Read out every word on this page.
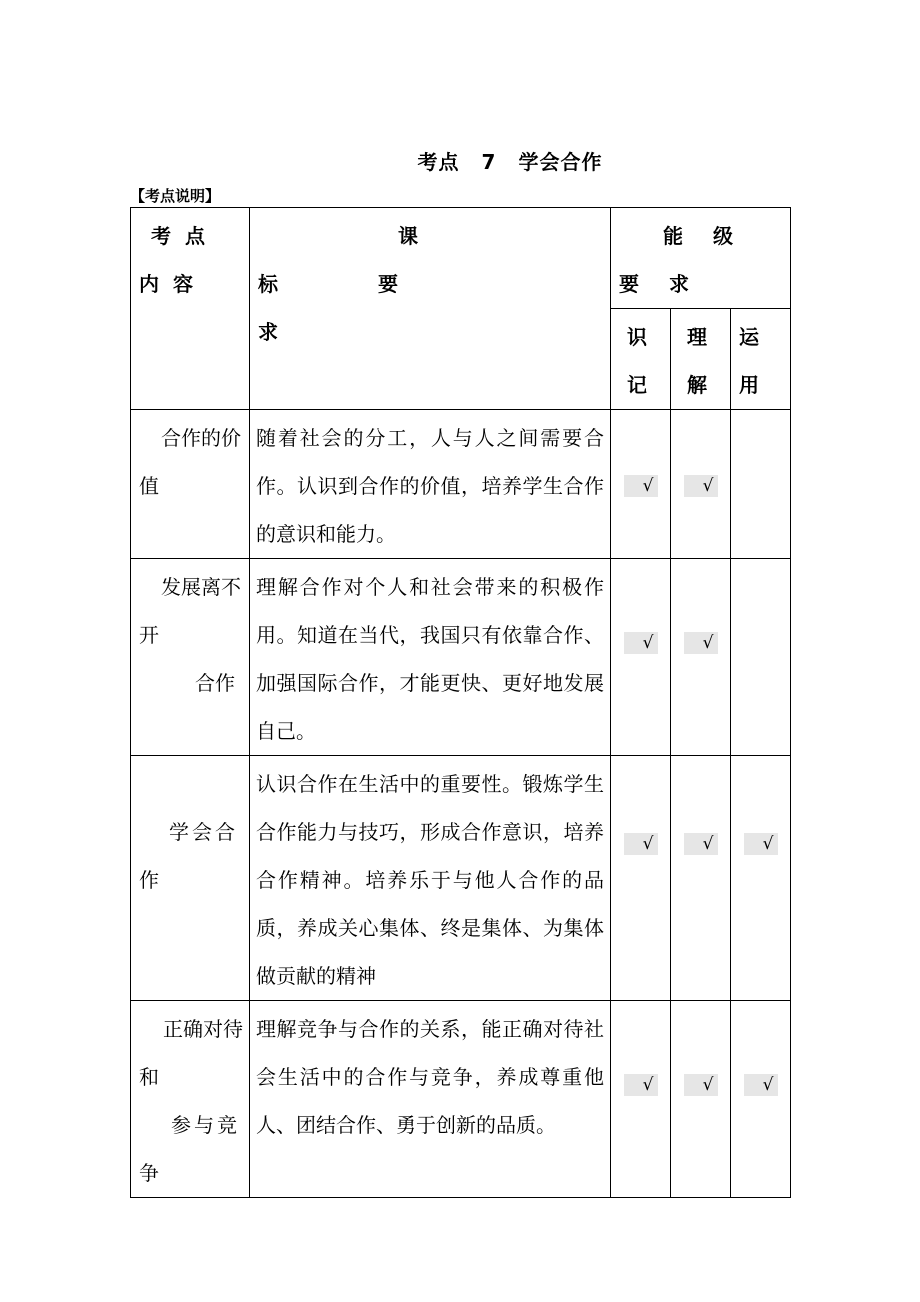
考点 7 学会合作
【考点说明】
考点内容	课标要求	能级要求		

		识记	理解	运用

合作的价
值	随着社会的分工，人与人之间需要合作。认识到合作的价值，培养学生合作的意识和能力。	√	√	

发展离不
开
合作	理解合作对个人和社会带来的积极作用。知道在当代，我国只有依靠合作、加强国际合作，才能更快、更好地发展自己。	√	√	

学会合
作	认识合作在生活中的重要性。锻炼学生合作能力与技巧，形成合作意识，培养合作精神。培养乐于与他人合作的品质，养成关心集体、终是集体、为集体做贡献的精神	√	√	√

正确对待
和
参与竞
争	理解竞争与合作的关系，能正确对待社会生活中的合作与竞争，养成尊重他人、团结合作、勇于创新的品质。	√	√	√
